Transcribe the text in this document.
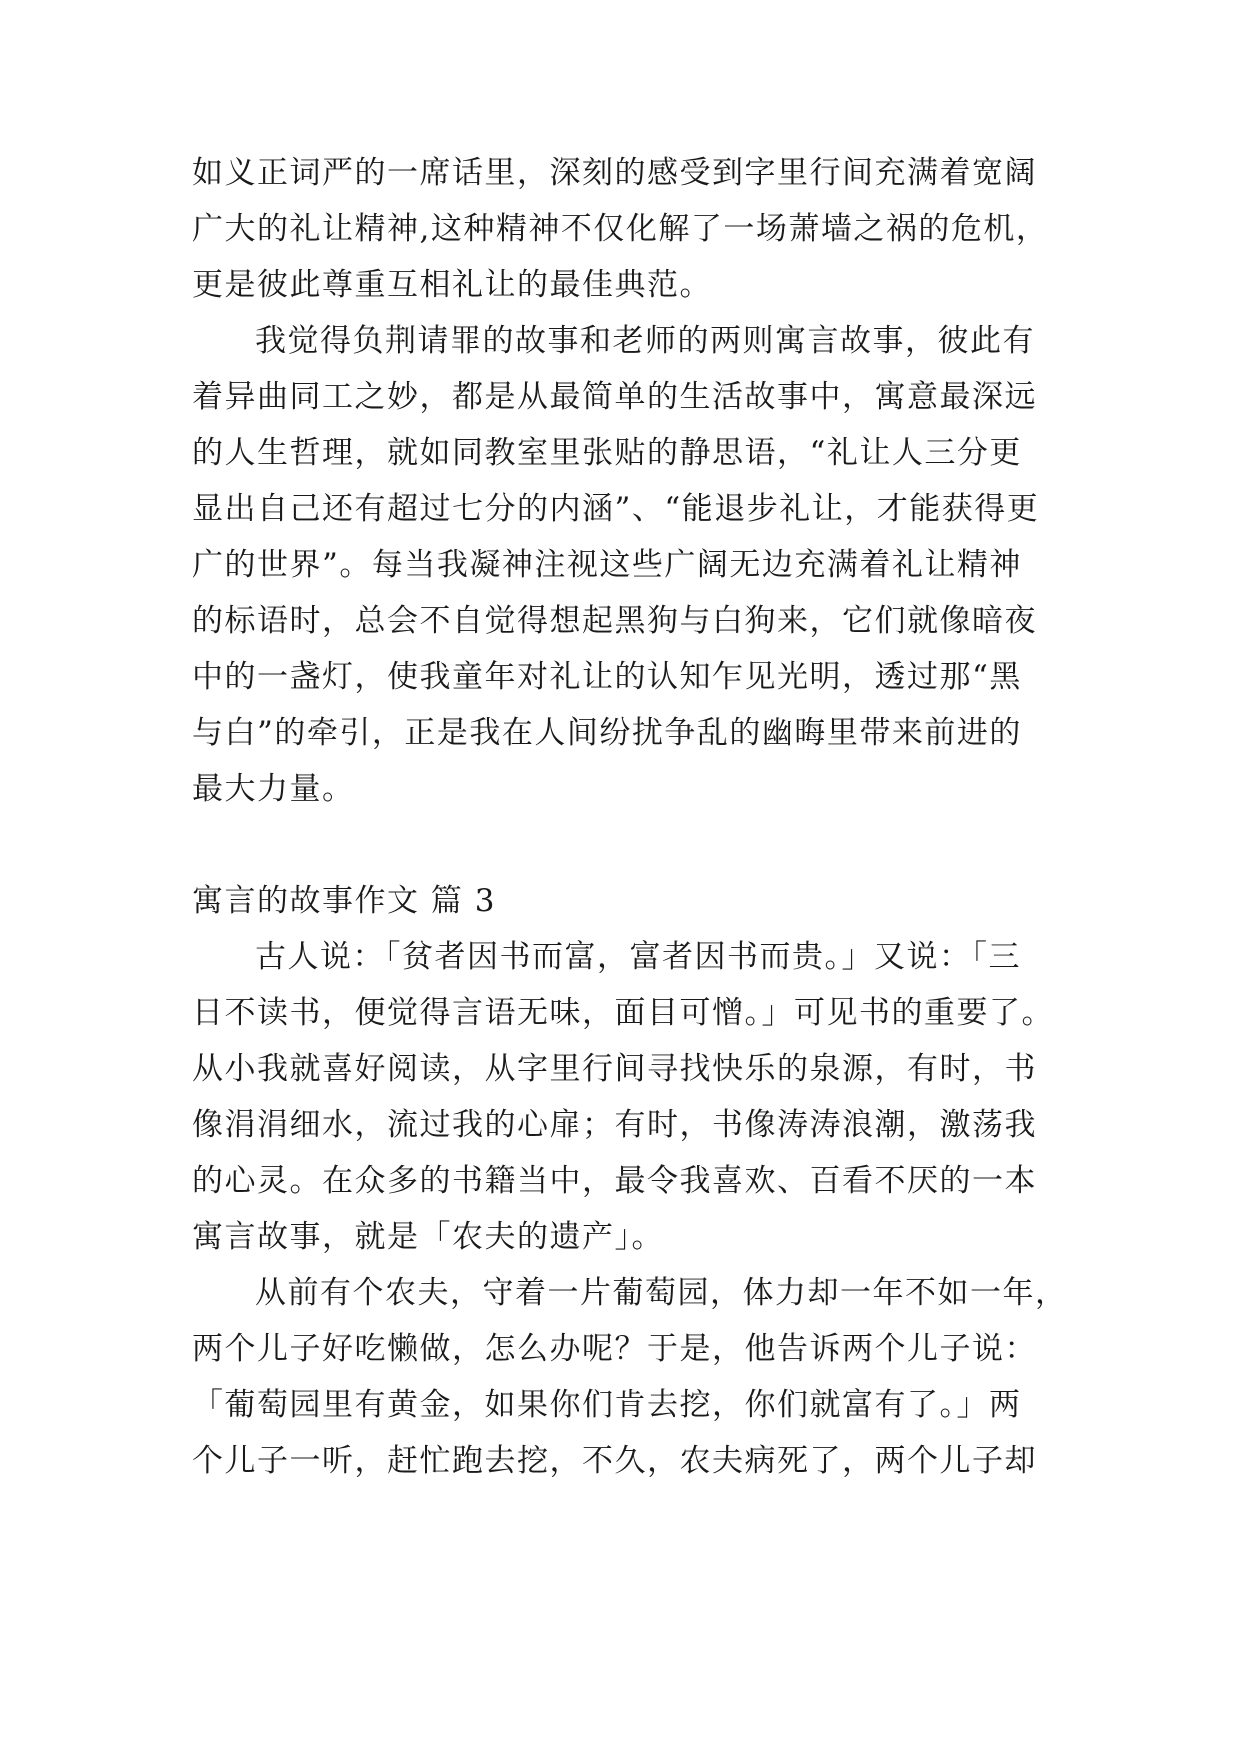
如义正词严的一席话里，深刻的感受到字里行间充满着宽阔

广大的礼让精神,这种精神不仅化解了一场萧墙之祸的危机，

更是彼此尊重互相礼让的最佳典范。

我觉得负荆请罪的故事和老师的两则寓言故事，彼此有

着异曲同工之妙，都是从最简单的生活故事中，寓意最深远

的人生哲理，就如同教室里张贴的静思语，“礼让人三分更

显出自己还有超过七分的内涵”、“能退步礼让，才能获得更

广的世界”。每当我凝神注视这些广阔无边充满着礼让精神

的标语时，总会不自觉得想起黑狗与白狗来，它们就像暗夜

中的一盏灯，使我童年对礼让的认知乍见光明，透过那“黑

与白”的牵引，正是我在人间纷扰争乱的幽晦里带来前进的

最大力量。

寓言的故事作文 篇 3

古人说：「贫者因书而富，富者因书而贵。」又说：「三

日不读书，便觉得言语无味，面目可憎。」可见书的重要了。

从小我就喜好阅读，从字里行间寻找快乐的泉源，有时，书

像涓涓细水，流过我的心扉；有时，书像涛涛浪潮，激荡我

的心灵。在众多的书籍当中，最令我喜欢、百看不厌的一本

寓言故事，就是「农夫的遗产」。

从前有个农夫，守着一片葡萄园，体力却一年不如一年，

两个儿子好吃懒做，怎么办呢？于是，他告诉两个儿子说：

「葡萄园里有黄金，如果你们肯去挖，你们就富有了。」两

个儿子一听，赶忙跑去挖，不久，农夫病死了，两个儿子却
